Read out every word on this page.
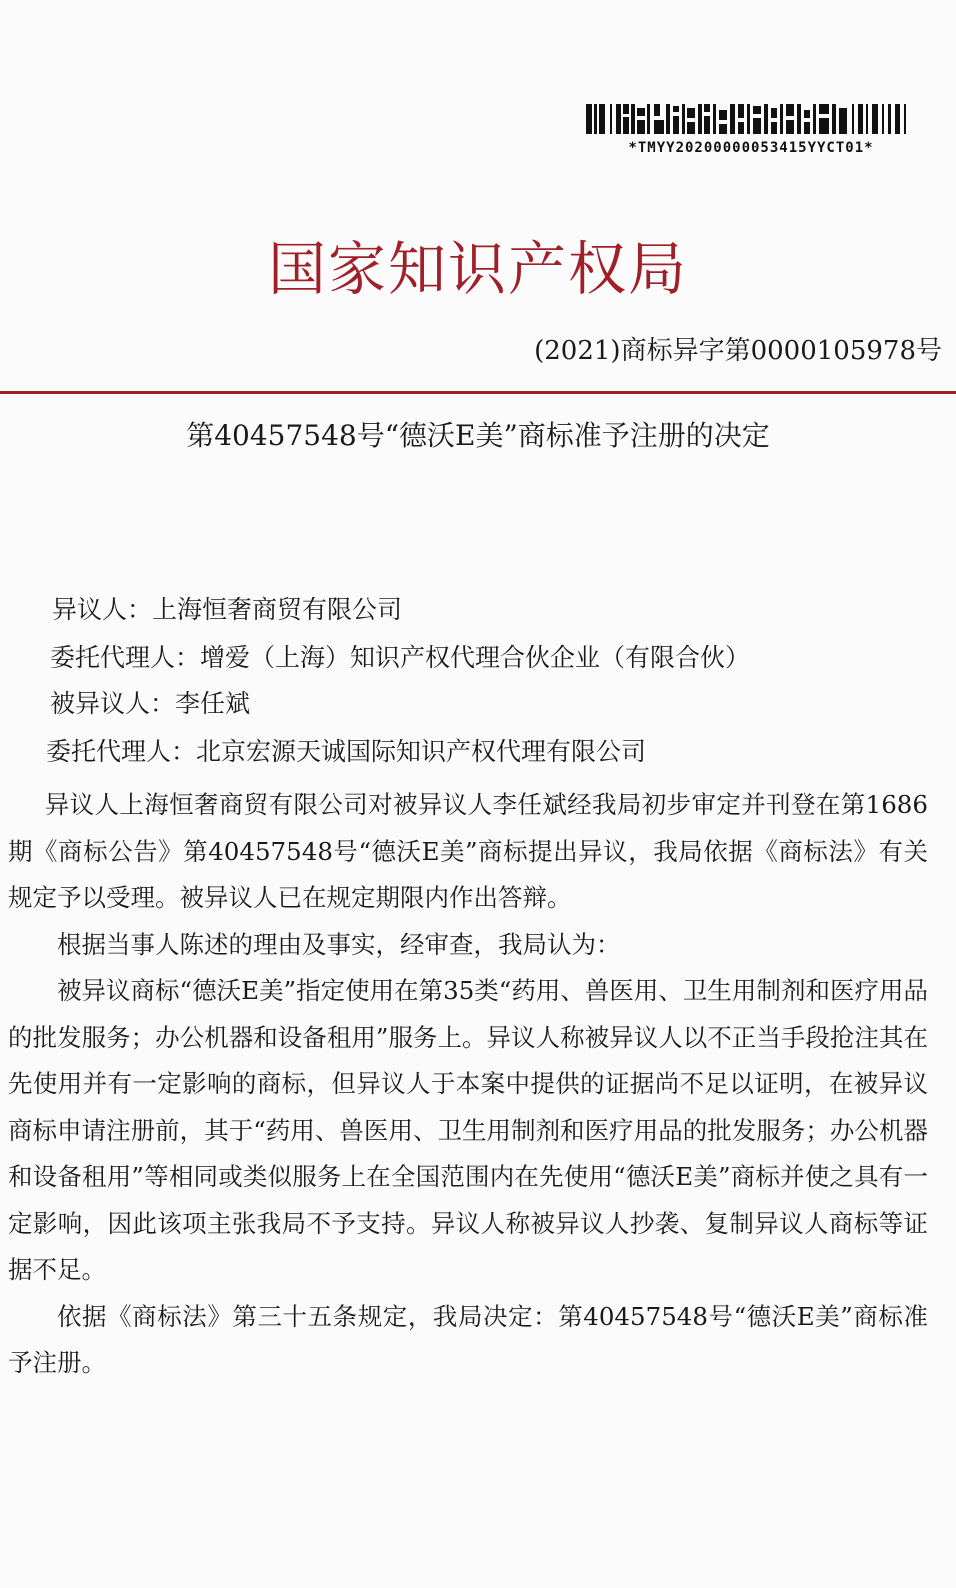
*TMYY20200000053415YYCT01*
国家知识产权局
(2021)商标异字第0000105978号
第40457548号“德沃E美”商标准予注册的决定
异议人：上海恒奢商贸有限公司
委托代理人：增爱（上海）知识产权代理合伙企业（有限合伙）
被异议人：李任斌
委托代理人：北京宏源天诚国际知识产权代理有限公司

异议人上海恒奢商贸有限公司对被异议人李任斌经我局初步审定并刊登在第1686期《商标公告》第40457548号“德沃E美”商标提出异议，我局依据《商标法》有关规定予以受理。被异议人已在规定期限内作出答辩。

根据当事人陈述的理由及事实，经审查，我局认为：

被异议商标“德沃E美”指定使用在第35类“药用、兽医用、卫生用制剂和医疗用品的批发服务；办公机器和设备租用”服务上。异议人称被异议人以不正当手段抢注其在先使用并有一定影响的商标，但异议人于本案中提供的证据尚不足以证明，在被异议商标申请注册前，其于“药用、兽医用、卫生用制剂和医疗用品的批发服务；办公机器和设备租用”等相同或类似服务上在全国范围内在先使用“德沃E美”商标并使之具有一定影响，因此该项主张我局不予支持。异议人称被异议人抄袭、复制异议人商标等证据不足。

依据《商标法》第三十五条规定，我局决定：第40457548号“德沃E美”商标准予注册。
